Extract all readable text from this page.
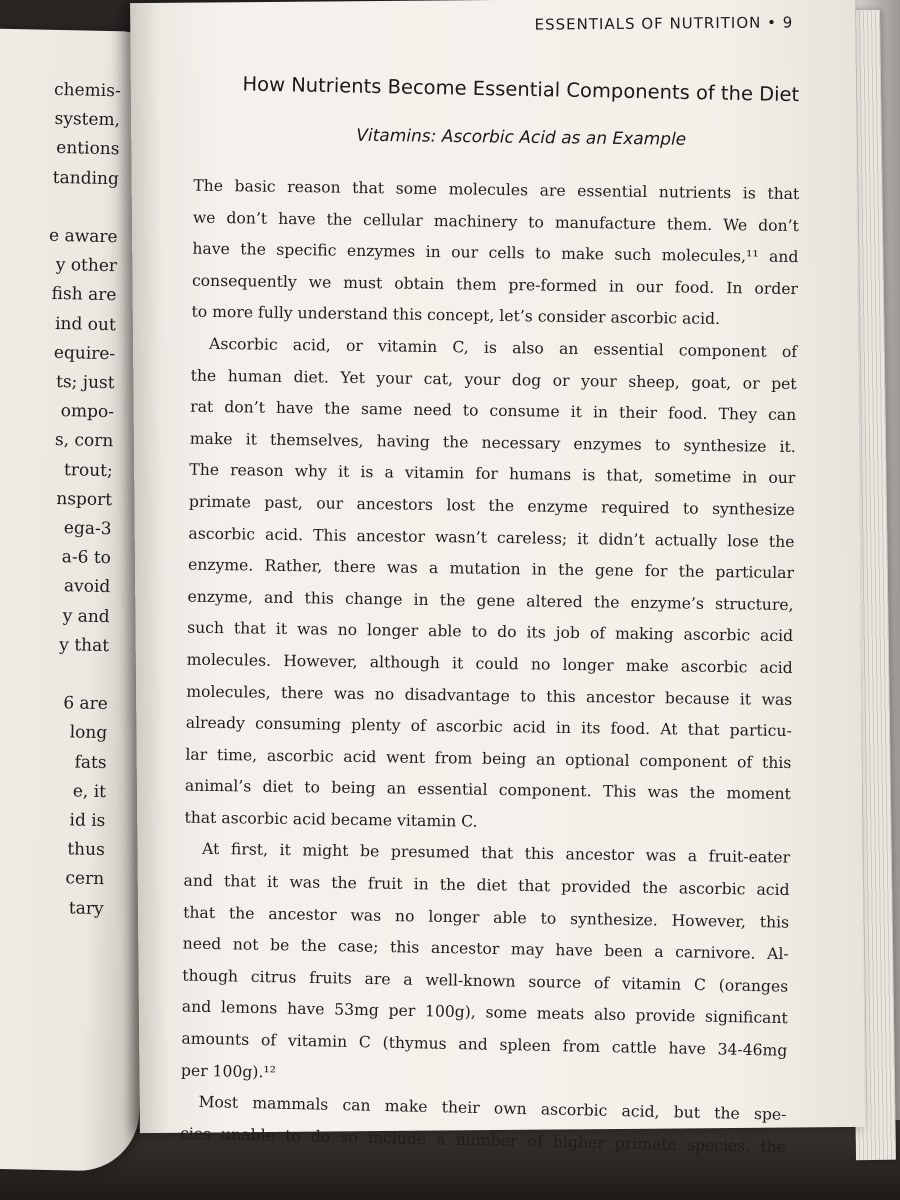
chemis-
system,
entions
tanding
e aware
y other
fish are
ind out
equire-
ts; just
ompo-
s, corn
trout;
nsport
ega-3
a-6 to
avoid
y and
y that
6 are
long
fats
e, it
id is
thus
cern
tary
ESSENTIALS OF NUTRITION • 9
How Nutrients Become Essential Components of the Diet
Vitamins: Ascorbic Acid as an Example
The basic reason that some molecules are essential nutrients is that
we don’t have the cellular machinery to manufacture them. We don’t
have the specific enzymes in our cells to make such molecules,¹¹ and
consequently we must obtain them pre-formed in our food. In order
to more fully understand this concept, let’s consider ascorbic acid.
Ascorbic acid, or vitamin C, is also an essential component of
the human diet. Yet your cat, your dog or your sheep, goat, or pet
rat don’t have the same need to consume it in their food. They can
make it themselves, having the necessary enzymes to synthesize it.
The reason why it is a vitamin for humans is that, sometime in our
primate past, our ancestors lost the enzyme required to synthesize
ascorbic acid. This ancestor wasn’t careless; it didn’t actually lose the
enzyme. Rather, there was a mutation in the gene for the particular
enzyme, and this change in the gene altered the enzyme’s structure,
such that it was no longer able to do its job of making ascorbic acid
molecules. However, although it could no longer make ascorbic acid
molecules, there was no disadvantage to this ancestor because it was
already consuming plenty of ascorbic acid in its food. At that particu-
lar time, ascorbic acid went from being an optional component of this
animal’s diet to being an essential component. This was the moment
that ascorbic acid became vitamin C.
At first, it might be presumed that this ancestor was a fruit-eater
and that it was the fruit in the diet that provided the ascorbic acid
that the ancestor was no longer able to synthesize. However, this
need not be the case; this ancestor may have been a carnivore. Al-
though citrus fruits are a well-known source of vitamin C (oranges
and lemons have 53mg per 100g), some meats also provide significant
amounts of vitamin C (thymus and spleen from cattle have 34-46mg
per 100g).¹²
Most mammals can make their own ascorbic acid, but the spe-
cies unable to do so include a number of higher primate species, the
